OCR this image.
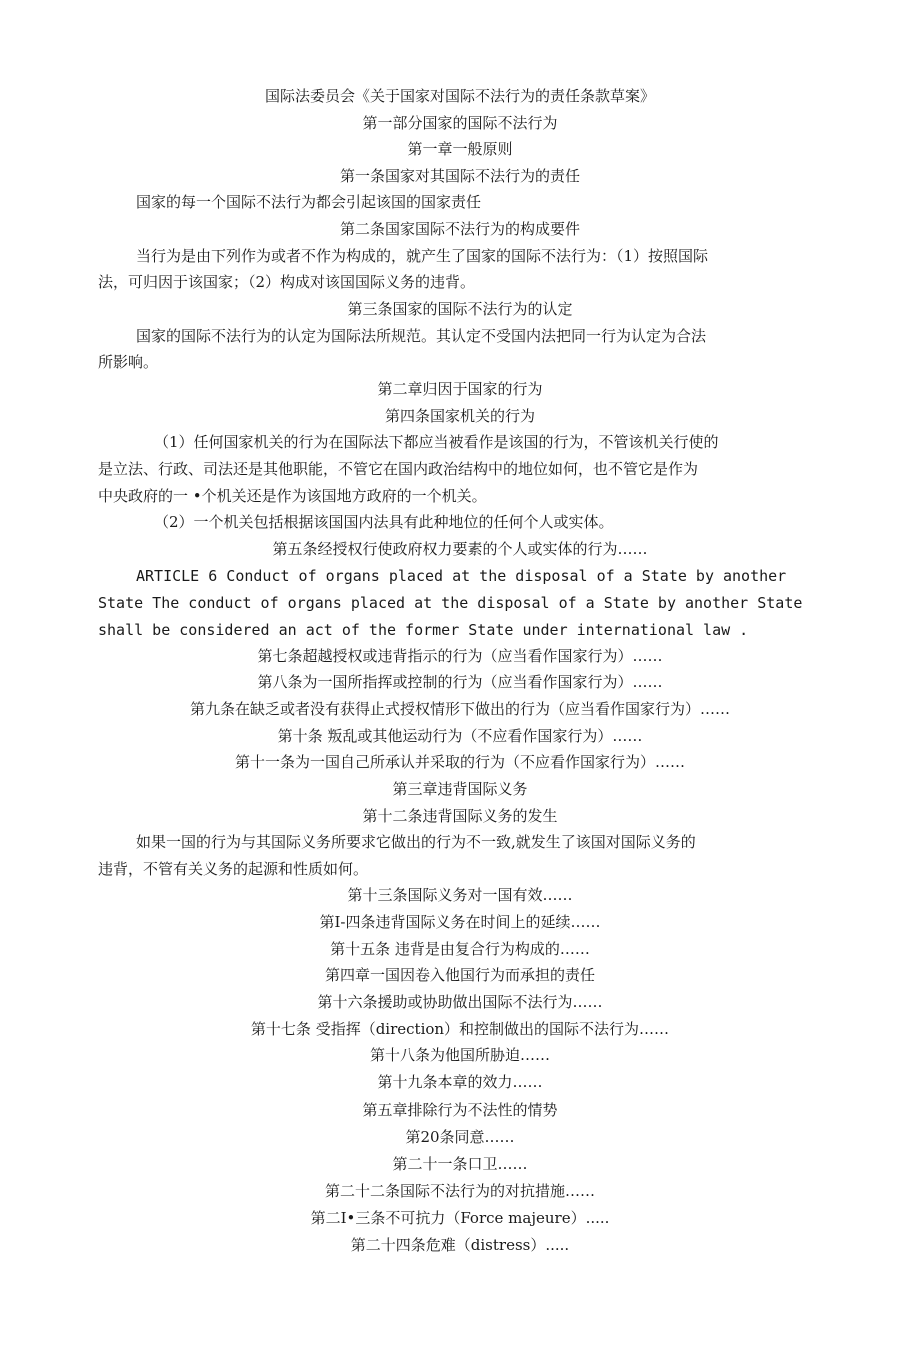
国际法委员会《关于国家对国际不法行为的责任条款草案》

第一部分国家的国际不法行为

第一章一般原则

第一条国家对其国际不法行为的责任

国家的每一个国际不法行为都会引起该国的国家责任

第二条国家国际不法行为的构成要件

当行为是由下列作为或者不作为构成的，就产生了国家的国际不法行为：（1）按照国际

法，可归因于该国家；（2）构成对该国国际义务的违背。

第三条国家的国际不法行为的认定

国家的国际不法行为的认定为国际法所规范。其认定不受国内法把同一行为认定为合法

所影响。

第二章归因于国家的行为

第四条国家机关的行为

（1）任何国家机关的行为在国际法下都应当被看作是该国的行为，不管该机关行使的

是立法、行政、司法还是其他职能，不管它在国内政治结构中的地位如何，也不管它是作为

中央政府的一 •个机关还是作为该国地方政府的一个机关。

（2）一个机关包括根据该国国内法具有此种地位的任何个人或实体。

第五条经授权行使政府权力要素的个人或实体的行为……

ARTICLE 6 Conduct of organs placed at the disposal of a State by another

State The conduct of organs placed at the disposal of a State by another State

shall be considered an act of the former State under international law .

第七条超越授权或违背指示的行为（应当看作国家行为）……

第八条为一国所指挥或控制的行为（应当看作国家行为）……

第九条在缺乏或者没有获得止式授权情形下做出的行为（应当看作国家行为）……

第十条 叛乱或其他运动行为（不应看作国家行为）……

第十一条为一国自己所承认并采取的行为（不应看作国家行为）……

第三章违背国际义务

第十二条违背国际义务的发生

如果一国的行为与其国际义务所要求它做出的行为不一致,就发生了该国对国际义务的

违背，不管有关义务的起源和性质如何。

第十三条国际义务对一国有效……

第I-四条违背国际义务在时间上的延续……

第十五条 违背是由复合行为构成的……

第四章一国因卷入他国行为而承担的责任

第十六条援助或协助做出国际不法行为……

第十七条 受指挥（direction）和控制做出的国际不法行为……

第十八条为他国所胁迫……

第十九条本章的效力……

第五章排除行为不法性的情势

第20条同意……

第二十一条口卫……

第二十二条国际不法行为的对抗措施……

第二I•三条不可抗力（Force majeure）.....

第二十四条危难（distress）.....
